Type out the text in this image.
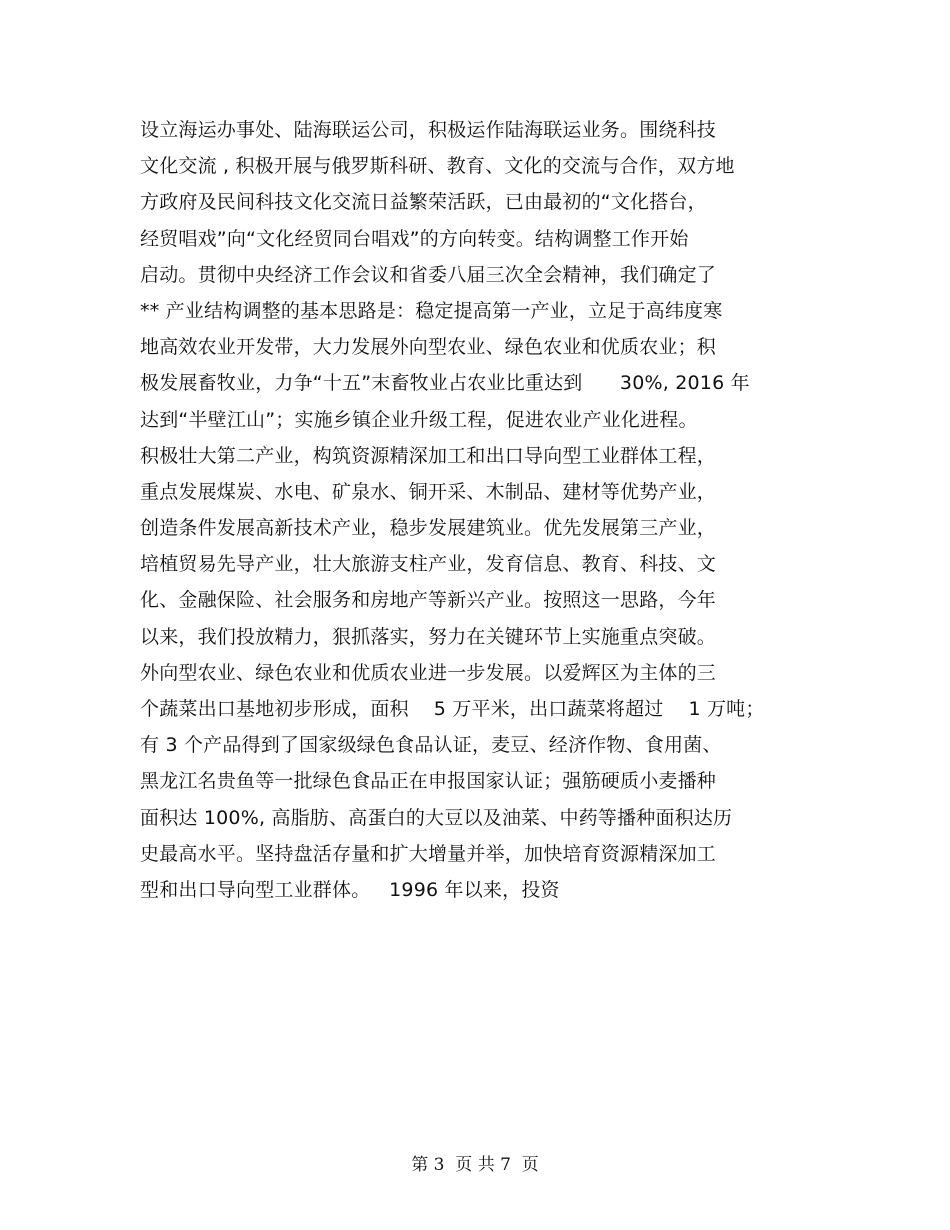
设立海运办事处、陆海联运公司，积极运作陆海联运业务。围绕科技
文化交流 , 积极开展与俄罗斯科研、教育、文化的交流与合作，双方地
方政府及民间科技文化交流日益繁荣活跃，已由最初的“文化搭台，
经贸唱戏”向“文化经贸同台唱戏”的方向转变。结构调整工作开始
启动。贯彻中央经济工作会议和省委八届三次全会精神，我们确定了
** 产业结构调整的基本思路是：稳定提高第一产业，立足于高纬度寒
地高效农业开发带，大力发展外向型农业、绿色农业和优质农业；积
极发展畜牧业，力争“十五”末畜牧业占农业比重达到      30%, 2016 年
达到“半壁江山”；实施乡镇企业升级工程，促进农业产业化进程。
积极壮大第二产业，构筑资源精深加工和出口导向型工业群体工程，
重点发展煤炭、水电、矿泉水、铜开采、木制品、建材等优势产业，
创造条件发展高新技术产业，稳步发展建筑业。优先发展第三产业，
培植贸易先导产业，壮大旅游支柱产业，发育信息、教育、科技、文
化、金融保险、社会服务和房地产等新兴产业。按照这一思路，今年
以来，我们投放精力，狠抓落实，努力在关键环节上实施重点突破。
外向型农业、绿色农业和优质农业进一步发展。以爱辉区为主体的三
个蔬菜出口基地初步形成，面积    5 万平米，出口蔬菜将超过    1 万吨；
有 3 个产品得到了国家级绿色食品认证，麦豆、经济作物、食用菌、
黑龙江名贵鱼等一批绿色食品正在申报国家认证；强筋硬质小麦播种
面积达 100%, 高脂肪、高蛋白的大豆以及油菜、中药等播种面积达历
史最高水平。坚持盘活存量和扩大增量并举，加快培育资源精深加工
型和出口导向型工业群体。   1996 年以来，投资
第 3  页 共 7  页
